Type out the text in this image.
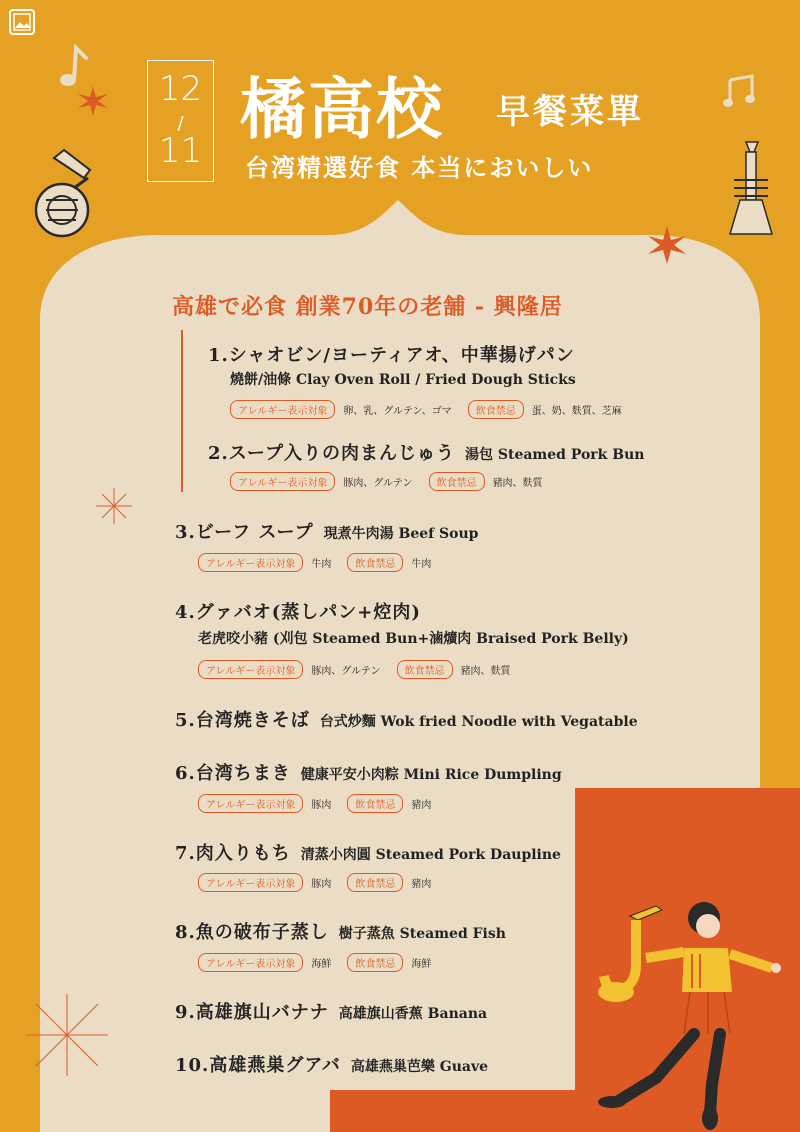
12
/
11
橘高校 早餐菜單
台湾精選好食 本当においしい
高雄で必食 創業70年の老舗 - 興隆居
1.シャオビン/ヨーティアオ、中華揚げパン
燒餅/油條 Clay Oven Roll / Fried Dough Sticks
アレルギー表示対象	卵、乳、グルテン、ゴマ	飲食禁忌	蛋、奶、麩質、芝麻
2.スープ入りの肉まんじゅう 湯包 Steamed Pork Bun
アレルギー表示対象	豚肉、グルテン	飲食禁忌	豬肉、麩質
3.ビーフ スープ 現煮牛肉湯 Beef Soup
アレルギー表示対象	牛肉	飲食禁忌	牛肉
4.グァバオ(蒸しパン+焢肉)
老虎咬小豬 (刈包 Steamed Bun+滷爌肉 Braised Pork Belly)
アレルギー表示対象	豚肉、グルテン	飲食禁忌	豬肉、麩質
5.台湾焼きそば 台式炒麵 Wok fried Noodle with Vegatable
6.台湾ちまき 健康平安小肉粽 Mini Rice Dumpling
アレルギー表示対象	豚肉	飲食禁忌	豬肉
7.肉入りもち 清蒸小肉圓 Steamed Pork Daupline
アレルギー表示対象	豚肉	飲食禁忌	豬肉
8.魚の破布子蒸し 樹子蒸魚 Steamed Fish
アレルギー表示対象	海鮮	飲食禁忌	海鮮
9.高雄旗山バナナ 高雄旗山香蕉 Banana
10.高雄燕巣グアバ 高雄燕巢芭樂 Guave
